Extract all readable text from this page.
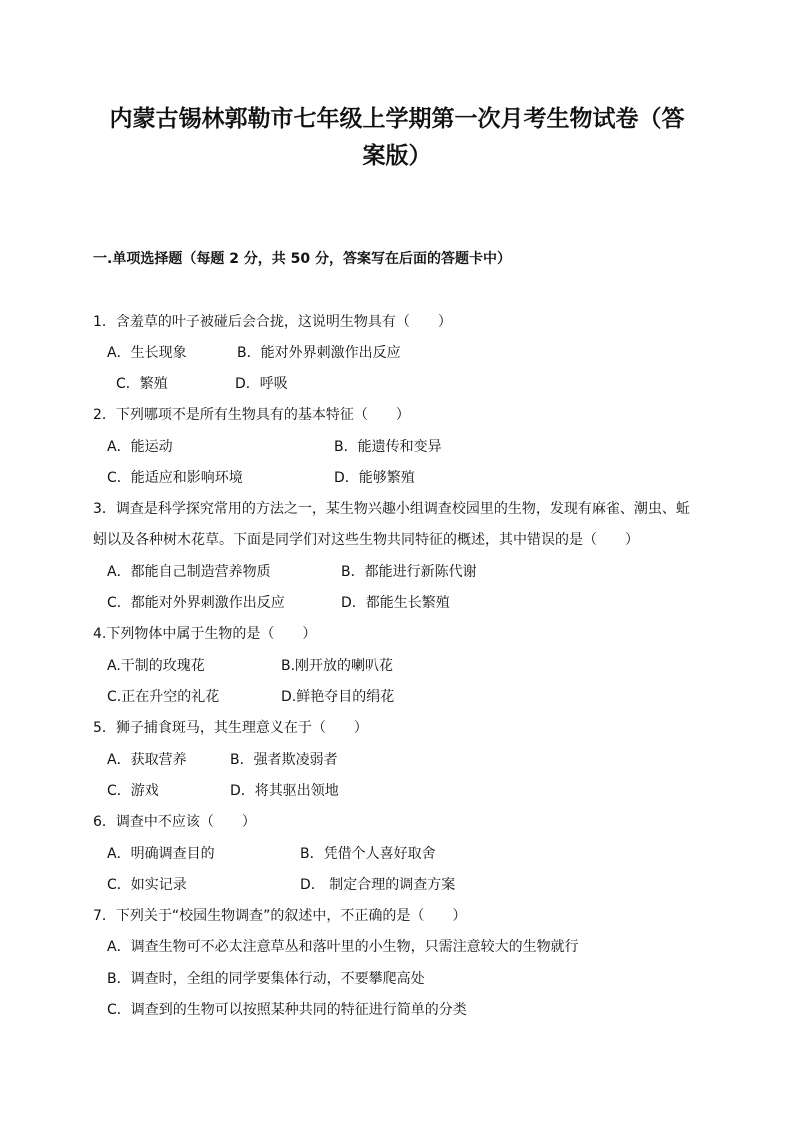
内蒙古锡林郭勒市七年级上学期第一次月考生物试卷（答
案版）
一.单项选择题（每题 2 分，共 50 分，答案写在后面的答题卡中）
1．含羞草的叶子被碰后会合拢，这说明生物具有（　　）
A．生长现象	B．能对外界刺激作出反应
C．繁殖	D．呼吸
2．下列哪项不是所有生物具有的基本特征（　　）
A．能运动	B．能遗传和变异
C．能适应和影响环境	D．能够繁殖
3．调查是科学探究常用的方法之一，某生物兴趣小组调查校园里的生物，发现有麻雀、潮虫、蚯
蚓以及各种树木花草。下面是同学们对这些生物共同特征的概述，其中错误的是（　　）
A．都能自己制造营养物质	B．都能进行新陈代谢
C．都能对外界刺激作出反应	D．都能生长繁殖
4.下列物体中属于生物的是（　　）
A.干制的玫瑰花	B.刚开放的喇叭花
C.正在升空的礼花	D.鲜艳夺目的绢花
5．狮子捕食斑马，其生理意义在于（　　）
A．获取营养	B．强者欺凌弱者
C．游戏	D．将其驱出领地
6．调查中不应该（　　）
A．明确调查目的	B．凭借个人喜好取舍
C．如实记录	D． 制定合理的调查方案
7．下列关于“校园生物调查”的叙述中，不正确的是（　　）
A．调查生物可不必太注意草丛和落叶里的小生物，只需注意较大的生物就行
B．调查时，全组的同学要集体行动，不要攀爬高处
C．调查到的生物可以按照某种共同的特征进行简单的分类
